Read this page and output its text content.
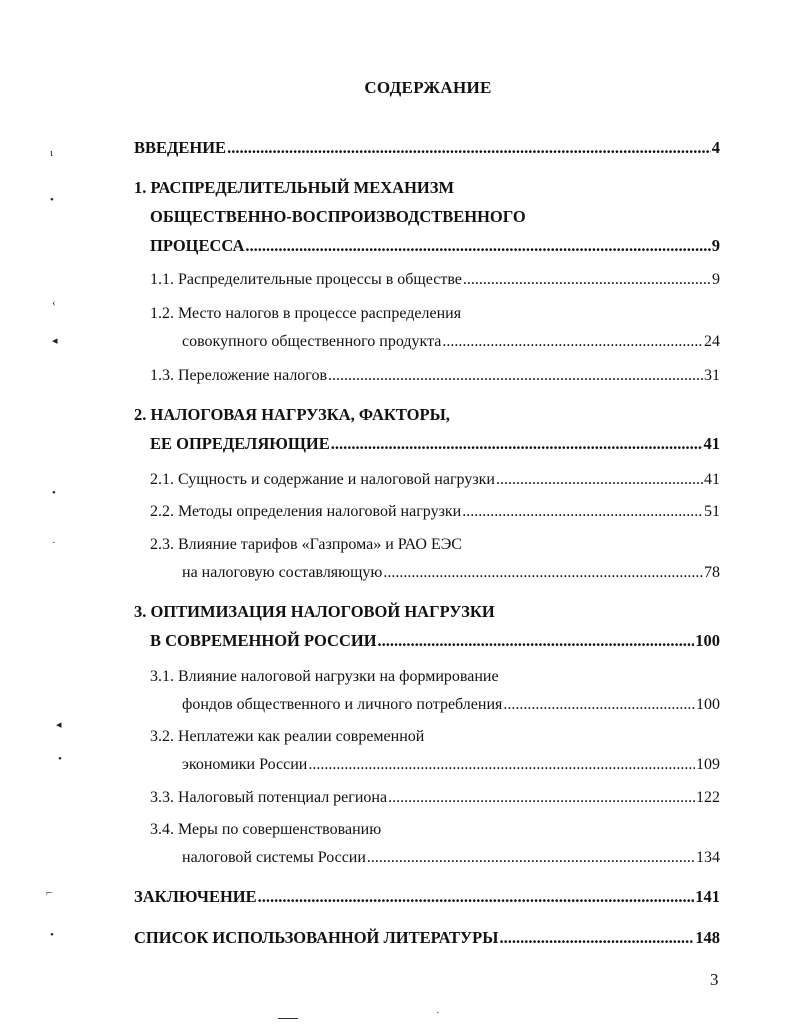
СОДЕРЖАНИЕ
ВВЕДЕНИЕ .....	4
1. РАСПРЕДЕЛИТЕЛЬНЫЙ МЕХАНИЗМ
ОБЩЕСТВЕННО-ВОСПРОИЗВОДСТВЕННОГО
ПРОЦЕССА .....	9
1.1. Распределительные процессы в обществе .....	9
1.2. Место налогов в процессе распределения
совокупного общественного продукта .....	24
1.3. Переложение налогов .....	31
2. НАЛОГОВАЯ НАГРУЗКА, ФАКТОРЫ,
ЕЕ ОПРЕДЕЛЯЮЩИЕ .....	41
2.1. Сущность и содержание и налоговой нагрузки .....	41
2.2. Методы определения налоговой нагрузки .....	51
2.3. Влияние тарифов «Газпрома» и РАО ЕЭС
на налоговую составляющую .....	78
3. ОПТИМИЗАЦИЯ НАЛОГОВОЙ НАГРУЗКИ
В СОВРЕМЕННОЙ РОССИИ .....	100
3.1. Влияние налоговой нагрузки на формирование
фондов общественного и личного потребления .....	100
3.2. Неплатежи как реалии современной
экономики России .....	109
3.3. Налоговый потенциал региона .....	122
3.4. Меры по совершенствованию
налоговой системы России .....	134
ЗАКЛЮЧЕНИЕ .....	141
СПИСОК ИСПОЛЬЗОВАННОЙ ЛИТЕРАТУРЫ .....	148
3
ι
•
‹
◂
•
·
◂
•
⌐
•
·
